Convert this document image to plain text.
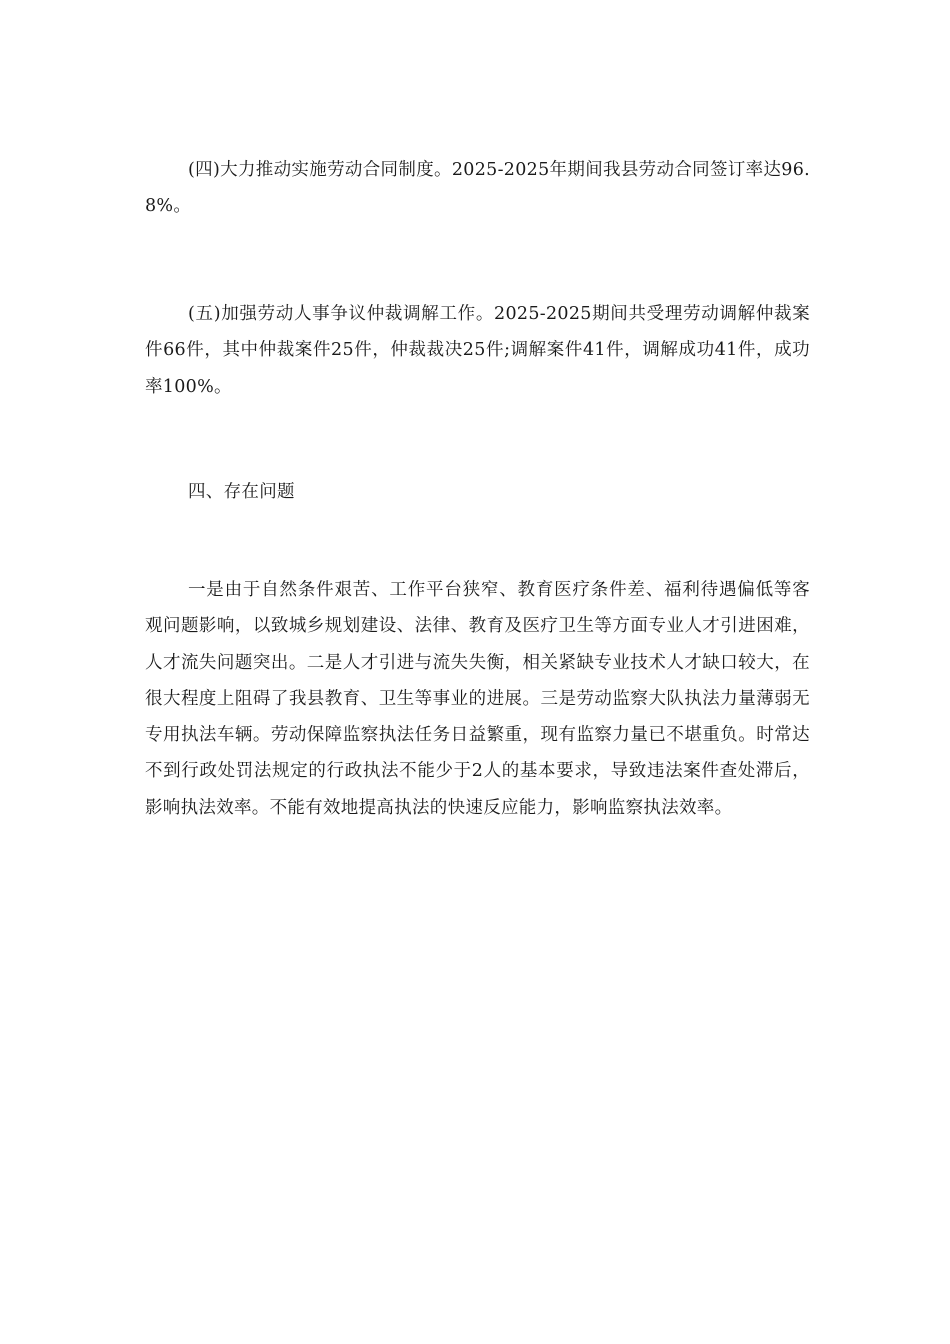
(四)大力推动实施劳动合同制度。2025-2025年期间我县劳动合同签订率达96.8%。

(五)加强劳动人事争议仲裁调解工作。2025-2025期间共受理劳动调解仲裁案件66件，其中仲裁案件25件，仲裁裁决25件;调解案件41件，调解成功41件，成功率100%。

四、存在问题

一是由于自然条件艰苦、工作平台狭窄、教育医疗条件差、福利待遇偏低等客观问题影响，以致城乡规划建设、法律、教育及医疗卫生等方面专业人才引进困难，人才流失问题突出。二是人才引进与流失失衡，相关紧缺专业技术人才缺口较大，在很大程度上阻碍了我县教育、卫生等事业的进展。三是劳动监察大队执法力量薄弱无专用执法车辆。劳动保障监察执法任务日益繁重，现有监察力量已不堪重负。时常达不到行政处罚法规定的行政执法不能少于2人的基本要求，导致违法案件查处滞后，影响执法效率。不能有效地提高执法的快速反应能力，影响监察执法效率。
